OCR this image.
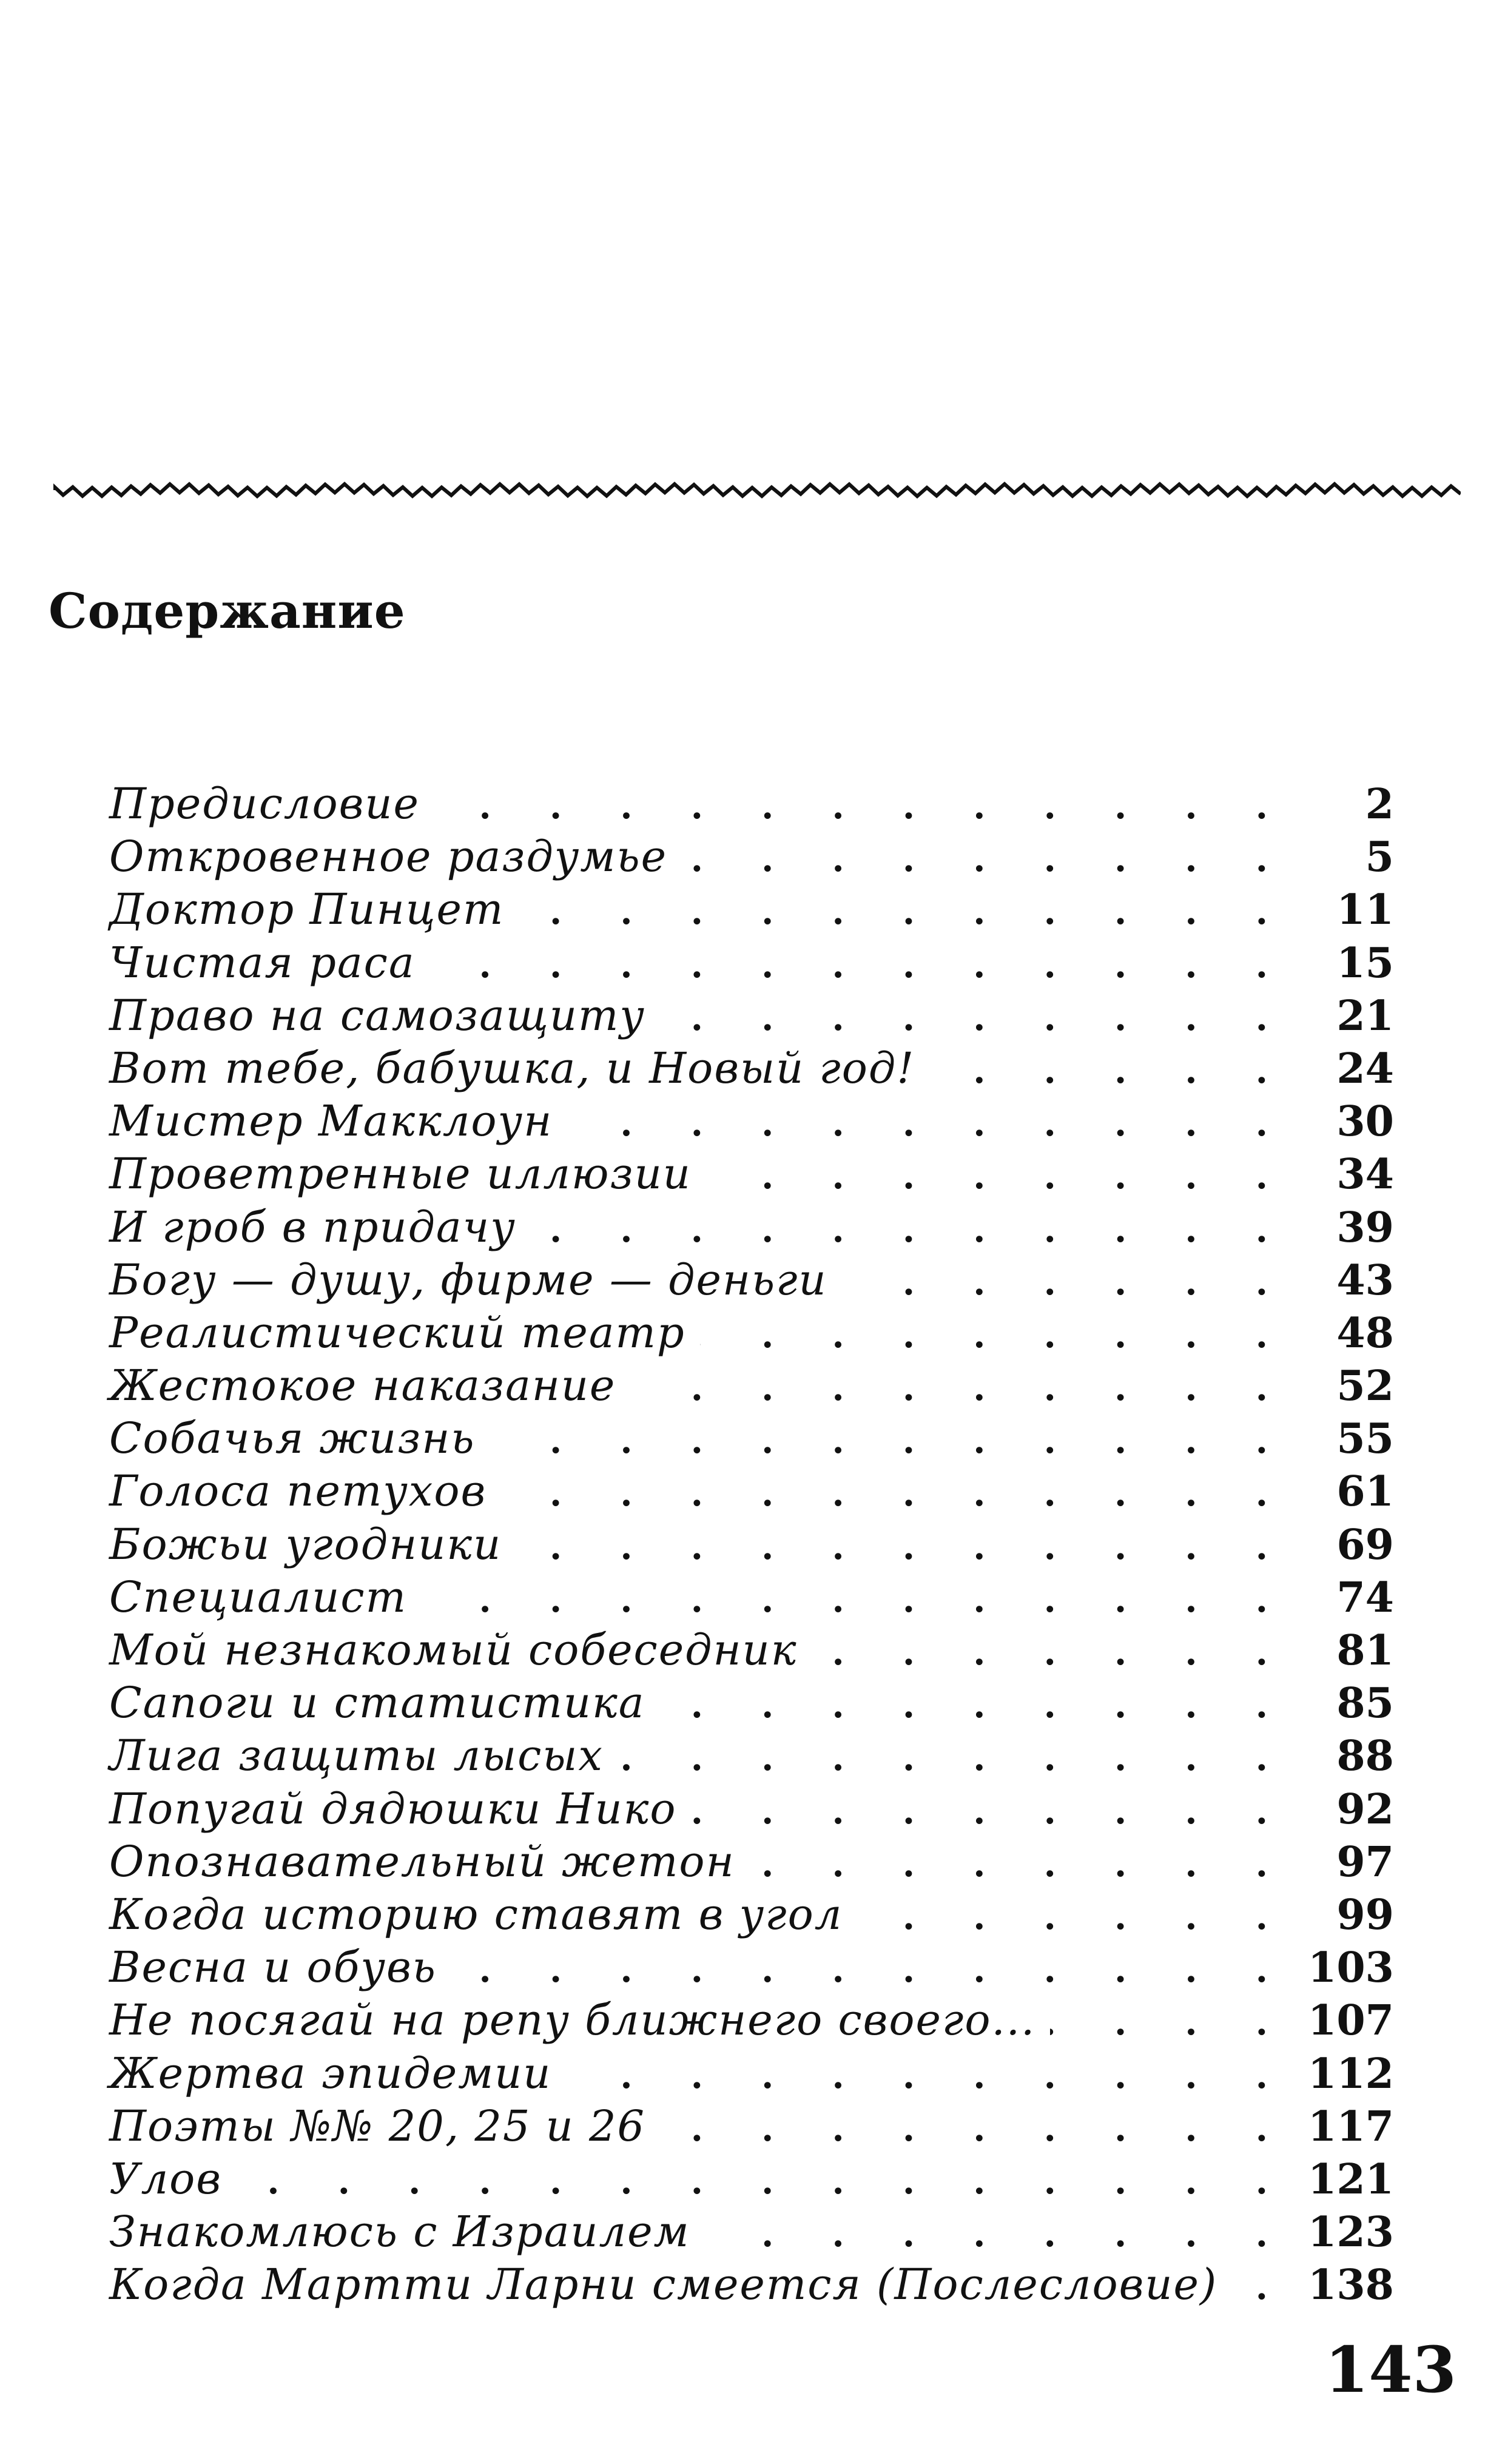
Содержание
Предисловие . . .	2
Откровенное раздумье . . .	5
Доктор Пинцет . . .	11
Чистая раса . . .	15
Право на самозащиту . . .	21
Вот тебе, бабушка, и Новый год! . . .	24
Мистер Макклоун . . .	30
Проветренные иллюзии . . .	34
И гроб в придачу . . .	39
Богу — душу, фирме — деньги . . .	43
Реалистический театр . . .	48
Жестокое наказание . . .	52
Собачья жизнь . . .	55
Голоса петухов . . .	61
Божьи угодники . . .	69
Специалист . . .	74
Мой незнакомый собеседник . . .	81
Сапоги и статистика . . .	85
Лига защиты лысых . . .	88
Попугай дядюшки Нико . . .	92
Опознавательный жетон . . .	97
Когда историю ставят в угол . . .	99
Весна и обувь . . .	103
Не посягай на репу ближнего своего... . . .	107
Жертва эпидемии . . .	112
Поэты №№ 20, 25 и 26 . . .	117
Улов . . .	121
Знакомлюсь с Израилем . . .	123
Когда Мартти Ларни смеется (Послесловие) . . . 138
143
